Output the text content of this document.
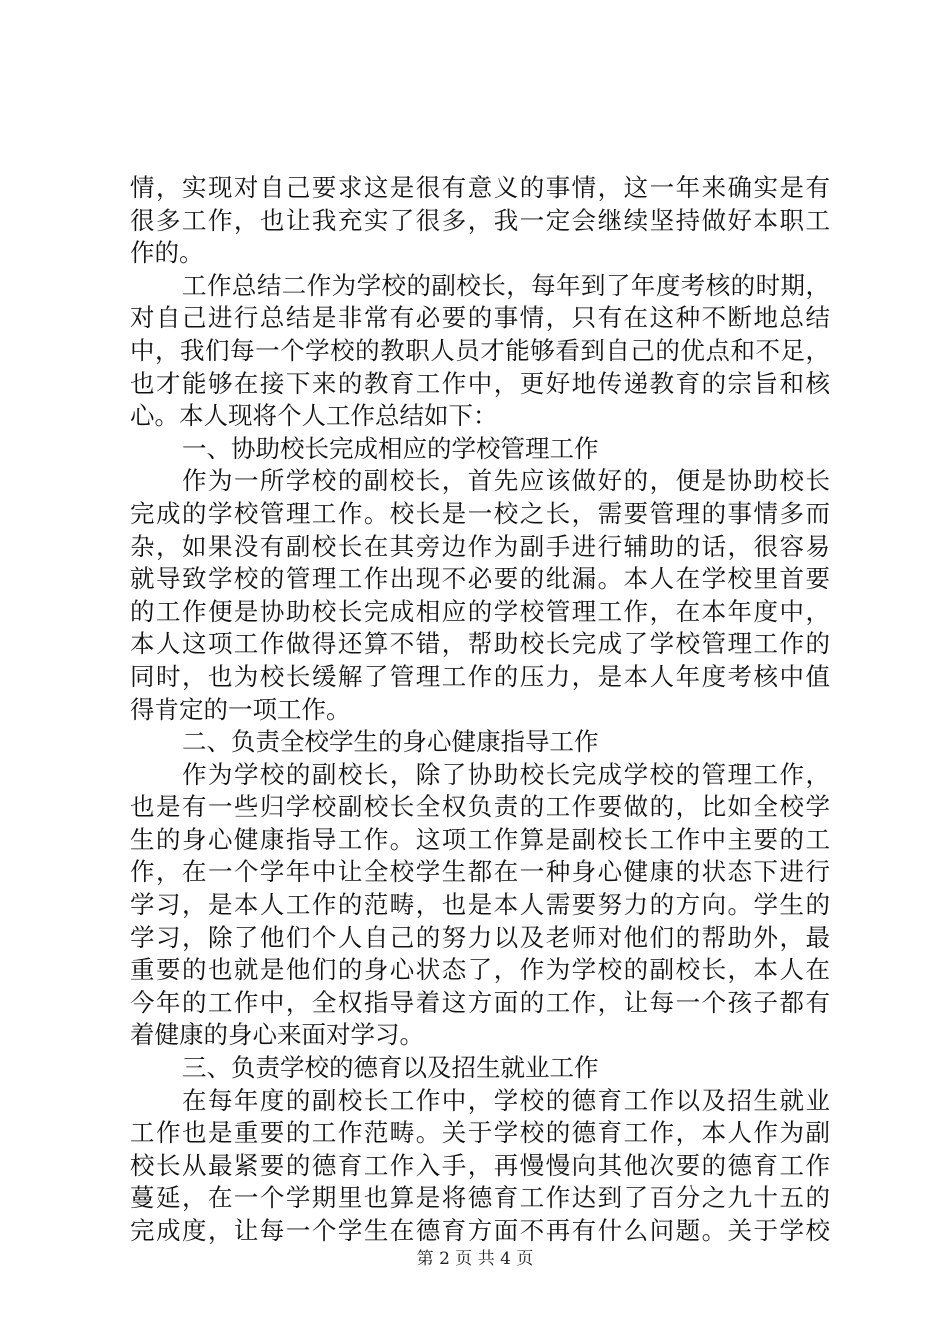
情，实现对自己要求这是很有意义的事情，这一年来确实是有
很多工作，也让我充实了很多，我一定会继续坚持做好本职工
作的。
工作总结二作为学校的副校长，每年到了年度考核的时期，
对自己进行总结是非常有必要的事情，只有在这种不断地总结
中，我们每一个学校的教职人员才能够看到自己的优点和不足，
也才能够在接下来的教育工作中，更好地传递教育的宗旨和核
心。本人现将个人工作总结如下：
一、协助校长完成相应的学校管理工作
作为一所学校的副校长，首先应该做好的，便是协助校长
完成的学校管理工作。校长是一校之长，需要管理的事情多而
杂，如果没有副校长在其旁边作为副手进行辅助的话，很容易
就导致学校的管理工作出现不必要的纰漏。本人在学校里首要
的工作便是协助校长完成相应的学校管理工作，在本年度中，
本人这项工作做得还算不错，帮助校长完成了学校管理工作的
同时，也为校长缓解了管理工作的压力，是本人年度考核中值
得肯定的一项工作。
二、负责全校学生的身心健康指导工作
作为学校的副校长，除了协助校长完成学校的管理工作，
也是有一些归学校副校长全权负责的工作要做的，比如全校学
生的身心健康指导工作。这项工作算是副校长工作中主要的工
作，在一个学年中让全校学生都在一种身心健康的状态下进行
学习，是本人工作的范畴，也是本人需要努力的方向。学生的
学习，除了他们个人自己的努力以及老师对他们的帮助外，最
重要的也就是他们的身心状态了，作为学校的副校长，本人在
今年的工作中，全权指导着这方面的工作，让每一个孩子都有
着健康的身心来面对学习。
三、负责学校的德育以及招生就业工作
在每年度的副校长工作中，学校的德育工作以及招生就业
工作也是重要的工作范畴。关于学校的德育工作，本人作为副
校长从最紧要的德育工作入手，再慢慢向其他次要的德育工作
蔓延，在一个学期里也算是将德育工作达到了百分之九十五的
完成度，让每一个学生在德育方面不再有什么问题。关于学校
第 2 页 共 4 页
